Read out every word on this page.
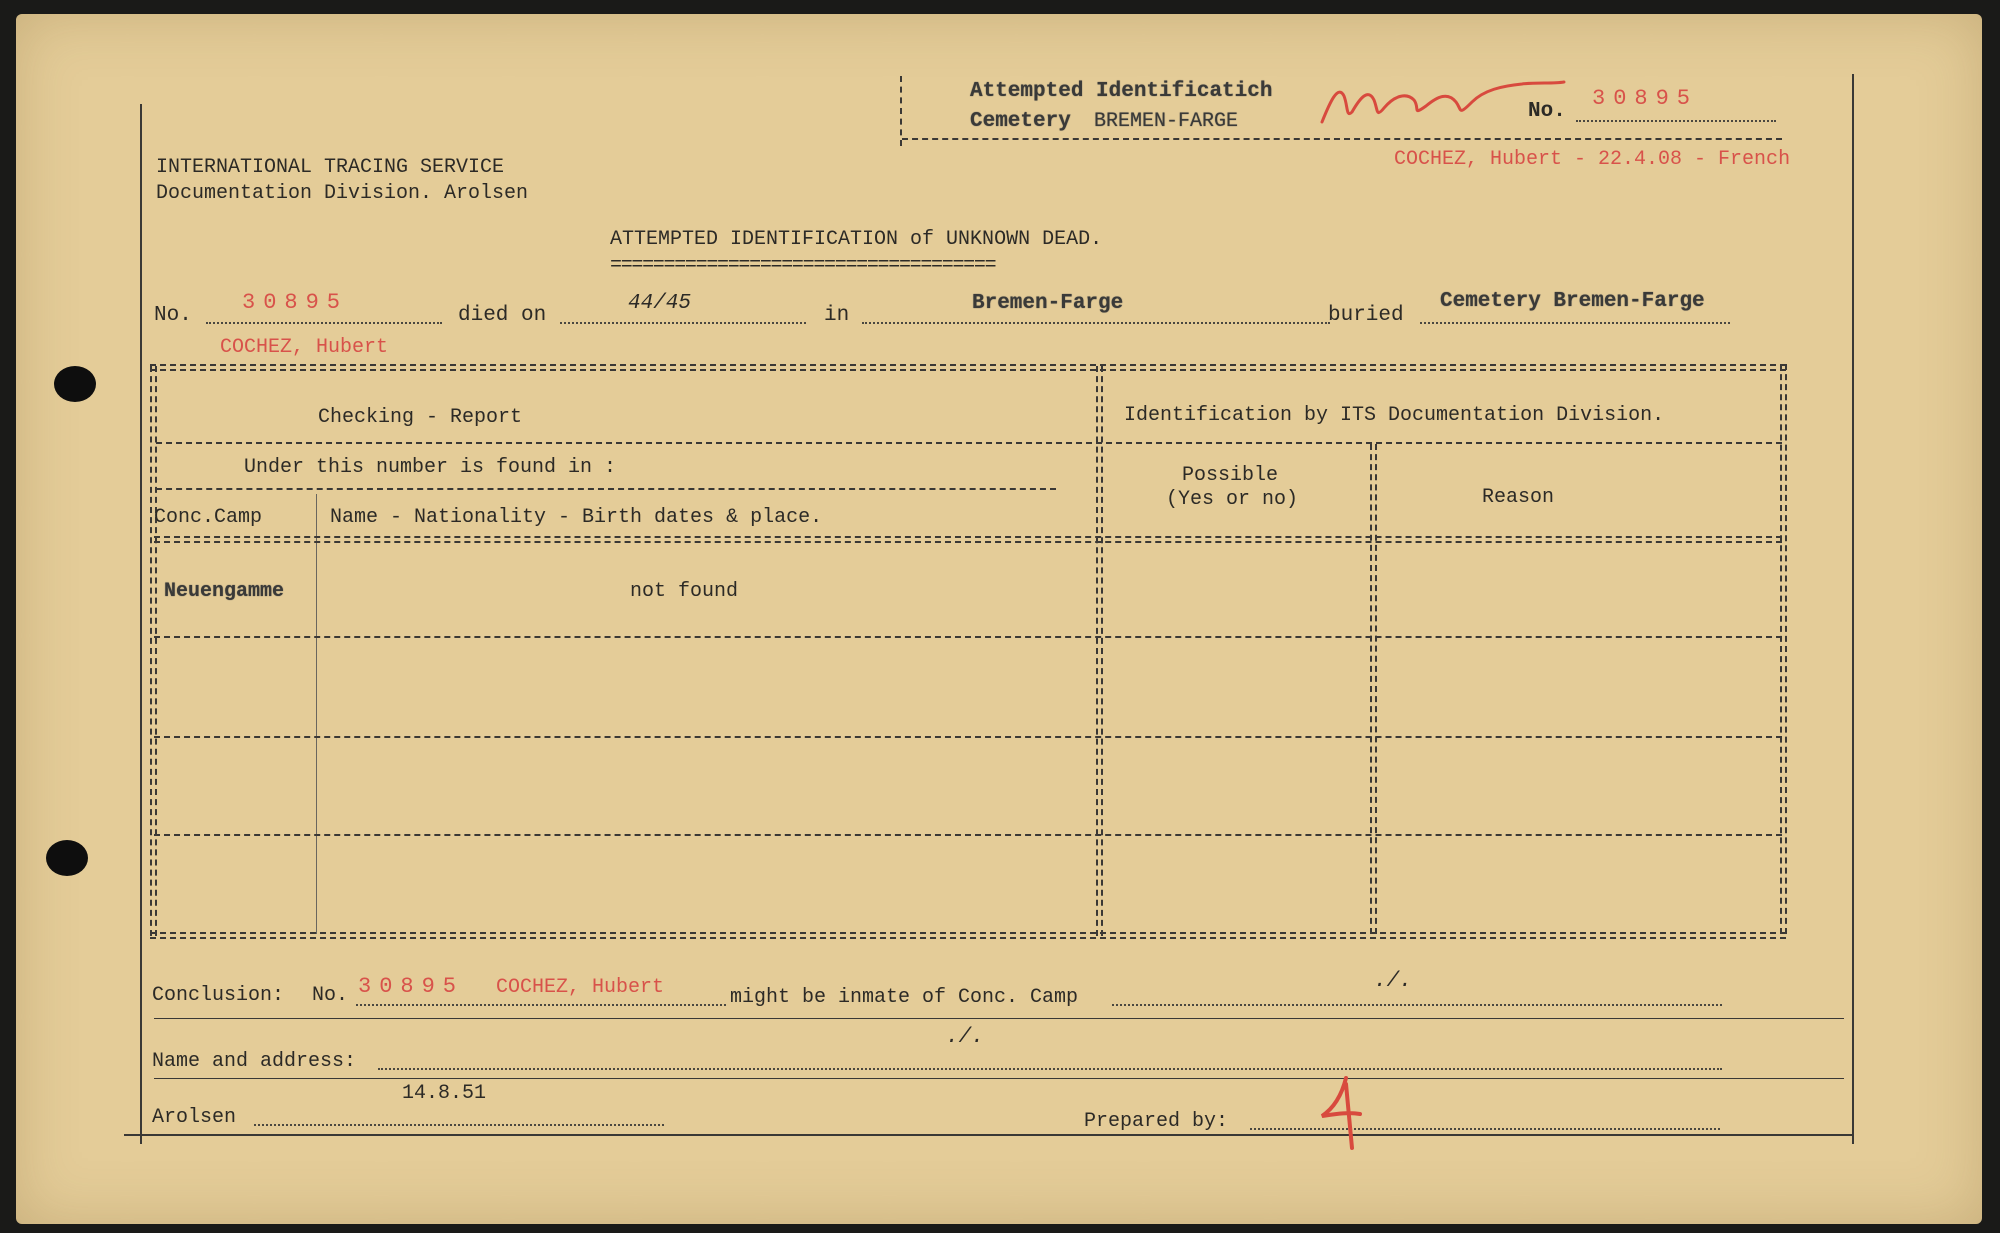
Attempted Identificatich
Cemetery BREMEN-FARGE	No.
30895
COCHEZ, Hubert - 22.4.08 - French
INTERNATIONAL TRACING SERVICE
Documentation Division. Arolsen
ATTEMPTED IDENTIFICATION of UNKNOWN DEAD.
====================================
No.
30895
died on
44/45
in
Bremen-Farge
buried
Cemetery Bremen-Farge
COCHEZ, Hubert
Checking - Report	Identification by ITS Documentation Division.
Under this number is found in :
Conc.Camp	Name - Nationality - Birth dates & place.
Possible
(Yes or no)	Reason
Neuengamme	not found
Conclusion: No. 30895 COCHEZ, Hubert	might be inmate of Conc. Camp
./.
Name and address:
./.
Arolsen
14.8.51
Prepared by:
